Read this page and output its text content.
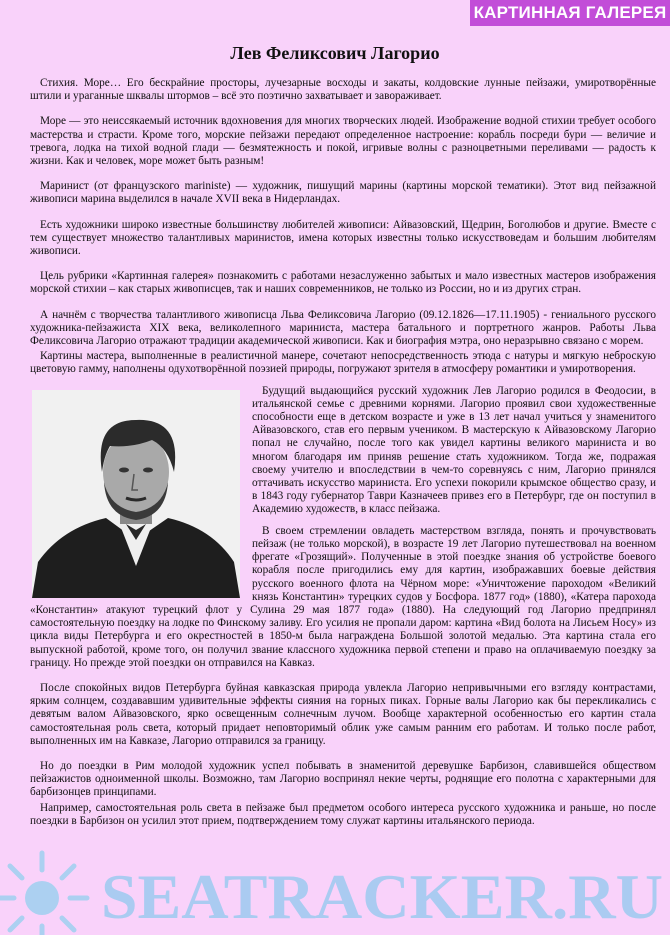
КАРТИННАЯ ГАЛЕРЕЯ
Лев Феликсович Лагорио

Стихия. Море… Его бескрайние просторы, лучезарные восходы и закаты, колдовские лунные пейзажи, умиротворённые штили и ураганные шквалы штормов – всё это поэтично захватывает и завораживает.

Море — это неиссякаемый источник вдохновения для многих творческих людей. Изображение водной стихии требует особого мастерства и страсти. Кроме того, морские пейзажи передают определенное настроение: корабль посреди бури — величие и тревога, лодка на тихой водной глади — безмятежность и покой, игривые волны с разноцветными переливами — радость к жизни. Как и человек, море может быть разным!

Маринист (от французского mariniste) — художник, пишущий марины (картины морской тематики). Этот вид пейзажной живописи марина выделился в начале XVII века в Нидерландах.

Есть художники широко известные большинству любителей живописи: Айвазовский, Щедрин, Боголюбов и другие. Вместе с тем существует множество талантливых маринистов, имена которых известны только искусствоведам и большим любителям живописи.

Цель рубрики «Картинная галерея» познакомить с работами незаслуженно забытых и мало известных мастеров изображения морской стихии – как старых живописцев, так и наших современников, не только из России, но и из других стран.

А начнём с творчества талантливого живописца Льва Феликсовича Лагорио (09.12.1826—17.11.1905) - гениального русского художника-пейзажиста XIX века, великолепного мариниста, мастера батального и портретного жанров. Работы Льва Феликсовича Лагорио отражают традиции академической живописи. Как и биография мэтра, оно неразрывно связано с морем.

Картины мастера, выполненные в реалистичной манере, сочетают непосредственность этюда с натуры и мягкую неброскую цветовую гамму, наполнены одухотворённой поэзией природы, погружают зрителя в атмосферу романтики и умиротворения.

Будущий выдающийся русский художник Лев Лагорио родился в Феодосии, в итальянской семье с древними корнями. Лагорио проявил свои художественные способности еще в детском возрасте и уже в 13 лет начал учиться у знаменитого Айвазовского, став его первым учеником. В мастерскую к Айвазовскому Лагорио попал не случайно, после того как увидел картины великого мариниста и во многом благодаря им приняв решение стать художником. Тогда же, подражая своему учителю и впоследствии в чем-то соревнуясь с ним, Лагорио принялся оттачивать искусство мариниста. Его успехи покорили крымское общество сразу, и в 1843 году губернатор Таври Казначеев привез его в Петербург, где он поступил в Академию художеств, в класс пейзажа.

В своем стремлении овладеть мастерством взгляда, понять и прочувствовать пейзаж (не только морской), в возрасте 19 лет Лагорио путешествовал на военном фрегате «Грозящий». Полученные в этой поездке знания об устройстве боевого корабля после пригодились ему для картин, изображавших боевые действия русского военного флота на Чёрном море: «Уничтожение пароходом «Великий князь Константин» турецких судов у Босфора. 1877 год» (1880), «Катера парохода «Константин» атакуют турецкий флот у Сулина 29 мая 1877 года» (1880). На следующий год Лагорио предпринял самостоятельную поездку на лодке по Финскому заливу. Его усилия не пропали даром: картина «Вид болота на Лисьем Носу» из цикла виды Петербурга и его окрестностей в 1850-м была награждена Большой золотой медалью. Эта картина стала его выпускной работой, кроме того, он получил звание классного художника первой степени и право на оплачиваемую поездку за границу. Но прежде этой поездки он отправился на Кавказ.

После спокойных видов Петербурга буйная кавказская природа увлекла Лагорио непривычными его взгляду контрастами, ярким солнцем, создававшим удивительные эффекты сияния на горных пиках. Горные валы Лагорио как бы перекликались с девятым валом Айвазовского, ярко освещенным солнечным лучом. Вообще характерной особенностью его картин стала самостоятельная роль света, который придает неповторимый облик уже самым ранним его работам. И только после работ, выполненных им на Кавказе, Лагорио отправился за границу.

Но до поездки в Рим молодой художник успел побывать в знаменитой деревушке Барбизон, славившейся обществом пейзажистов одноименной школы. Возможно, там Лагорио воспринял некие черты, роднящие его полотна с характерными для барбизонцев принципами.

Например, самостоятельная роль света в пейзаже был предметом особого интереса русского художника и раньше, но после поездки в Барбизон он усилил этот прием, подтверждением тому служат картины итальянского периода.

SEATRACKER.RU
